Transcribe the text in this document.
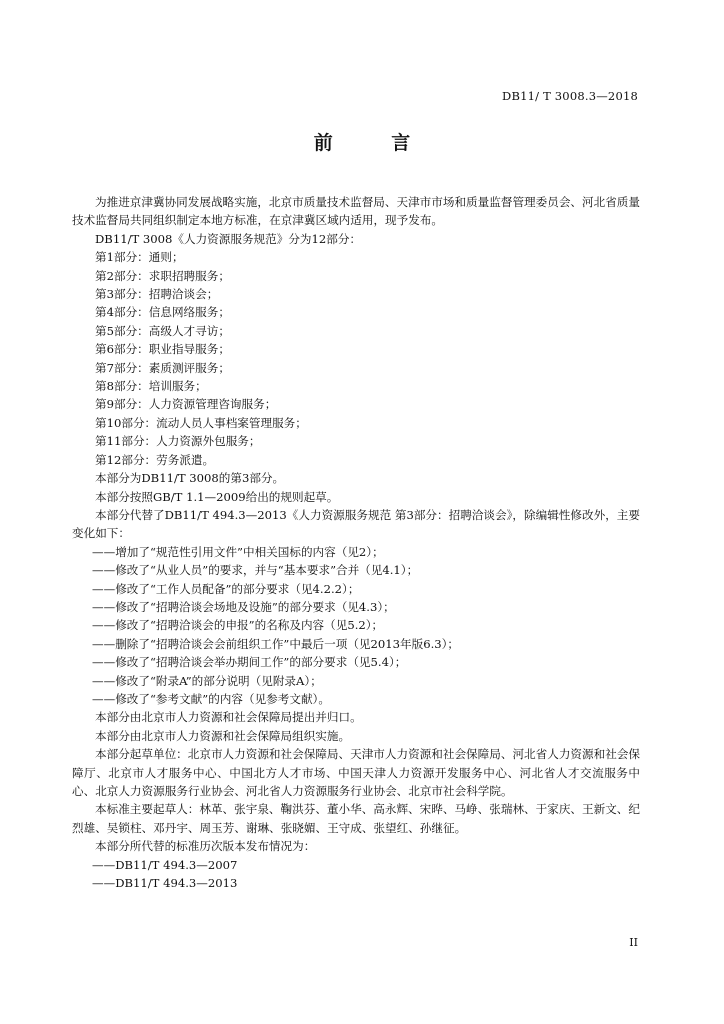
DB11/ T 3008.3—2018
前 言

为推进京津冀协同发展战略实施，北京市质量技术监督局、天津市市场和质量监督管理委员会、河北省质量技术监督局共同组织制定本地方标准，在京津冀区域内适用，现予发布。

DB11/T 3008《人力资源服务规范》分为12部分：

第1部分：通则；

第2部分：求职招聘服务；

第3部分：招聘洽谈会；

第4部分：信息网络服务；

第5部分：高级人才寻访；

第6部分：职业指导服务；

第7部分：素质测评服务；

第8部分：培训服务；

第9部分：人力资源管理咨询服务；

第10部分：流动人员人事档案管理服务；

第11部分：人力资源外包服务；

第12部分：劳务派遣。

本部分为DB11/T 3008的第3部分。

本部分按照GB/T 1.1—2009给出的规则起草。

本部分代替了DB11/T 494.3—2013《人力资源服务规范 第3部分：招聘洽谈会》，除编辑性修改外，主要变化如下：

——增加了“规范性引用文件”中相关国标的内容（见2）；

——修改了“从业人员”的要求，并与“基本要求”合并（见4.1）；

——修改了“工作人员配备”的部分要求（见4.2.2）；

——修改了“招聘洽谈会场地及设施”的部分要求（见4.3）；

——修改了“招聘洽谈会的申报”的名称及内容（见5.2）；

——删除了“招聘洽谈会会前组织工作”中最后一项（见2013年版6.3）；

——修改了“招聘洽谈会举办期间工作”的部分要求（见5.4）；

——修改了“附录A”的部分说明（见附录A）；

——修改了“参考文献”的内容（见参考文献）。

本部分由北京市人力资源和社会保障局提出并归口。

本部分由北京市人力资源和社会保障局组织实施。

本部分起草单位：北京市人力资源和社会保障局、天津市人力资源和社会保障局、河北省人力资源和社会保障厅、北京市人才服务中心、中国北方人才市场、中国天津人力资源开发服务中心、河北省人才交流服务中心、北京人力资源服务行业协会、河北省人力资源服务行业协会、北京市社会科学院。

本标准主要起草人：林革、张宇泉、鞠洪芬、董小华、高永辉、宋晔、马峥、张瑞林、于家庆、王新文、纪烈雄、吴锁柱、邓丹宇、周玉芳、谢琳、张晓媚、王守成、张望红、孙继征。

本部分所代替的标准历次版本发布情况为：

——DB11/T 494.3—2007

——DB11/T 494.3—2013

II
